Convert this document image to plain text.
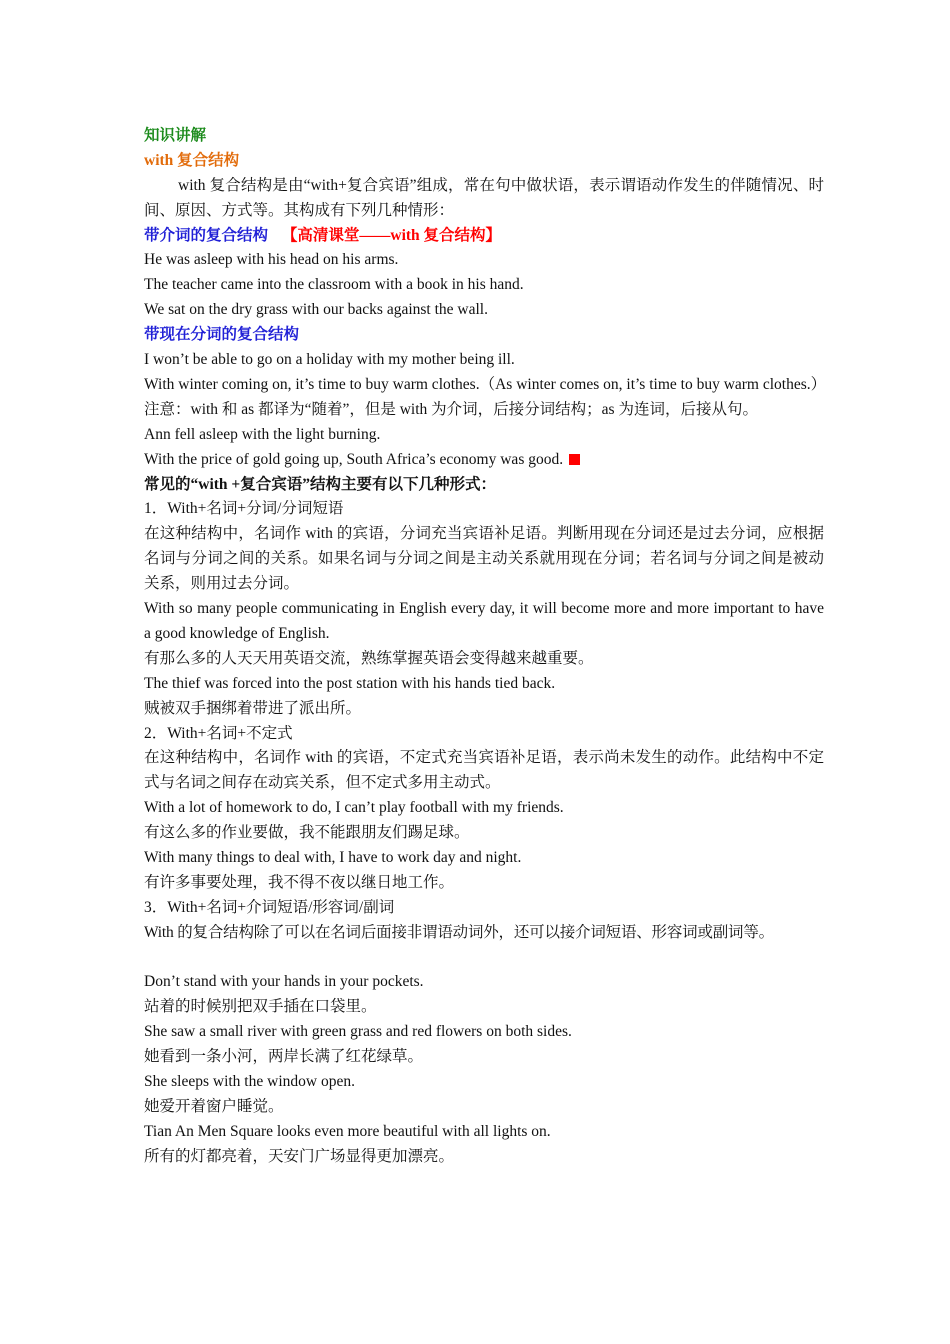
知识讲解
with 复合结构
with 复合结构是由“with+复合宾语”组成，常在句中做状语，表示谓语动作发生的伴随情况、时间、原因、方式等。其构成有下列几种情形：
带介词的复合结构 【高清课堂——with 复合结构】
He was asleep with his head on his arms.
The teacher came into the classroom with a book in his hand.
We sat on the dry grass with our backs against the wall.
带现在分词的复合结构
I won’t be able to go on a holiday with my mother being ill.
With winter coming on, it’s time to buy warm clothes.（As winter comes on, it’s time to buy warm clothes.）
注意：with 和 as 都译为“随着”，但是 with 为介词，后接分词结构；as 为连词，后接从句。
Ann fell asleep with the light burning.
With the price of gold going up, South Africa’s economy was good.
常见的“with +复合宾语”结构主要有以下几种形式：
1．With+名词+分词/分词短语
在这种结构中，名词作 with 的宾语，分词充当宾语补足语。判断用现在分词还是过去分词，应根据名词与分词之间的关系。如果名词与分词之间是主动关系就用现在分词；若名词与分词之间是被动关系，则用过去分词。
With so many people communicating in English every day, it will become more and more important to have a good knowledge of English.
有那么多的人天天用英语交流，熟练掌握英语会变得越来越重要。
The thief was forced into the post station with his hands tied back.
贼被双手捆绑着带进了派出所。
2．With+名词+不定式
在这种结构中，名词作 with 的宾语，不定式充当宾语补足语，表示尚未发生的动作。此结构中不定式与名词之间存在动宾关系，但不定式多用主动式。
With a lot of homework to do, I can’t play football with my friends.
有这么多的作业要做，我不能跟朋友们踢足球。
With many things to deal with, I have to work day and night.
有许多事要处理，我不得不夜以继日地工作。
3．With+名词+介词短语/形容词/副词
With 的复合结构除了可以在名词后面接非谓语动词外，还可以接介词短语、形容词或副词等。
Don’t stand with your hands in your pockets.
站着的时候别把双手插在口袋里。
She saw a small river with green grass and red flowers on both sides.
她看到一条小河，两岸长满了红花绿草。
She sleeps with the window open.
她爱开着窗户睡觉。
Tian An Men Square looks even more beautiful with all lights on.
所有的灯都亮着，天安门广场显得更加漂亮。
